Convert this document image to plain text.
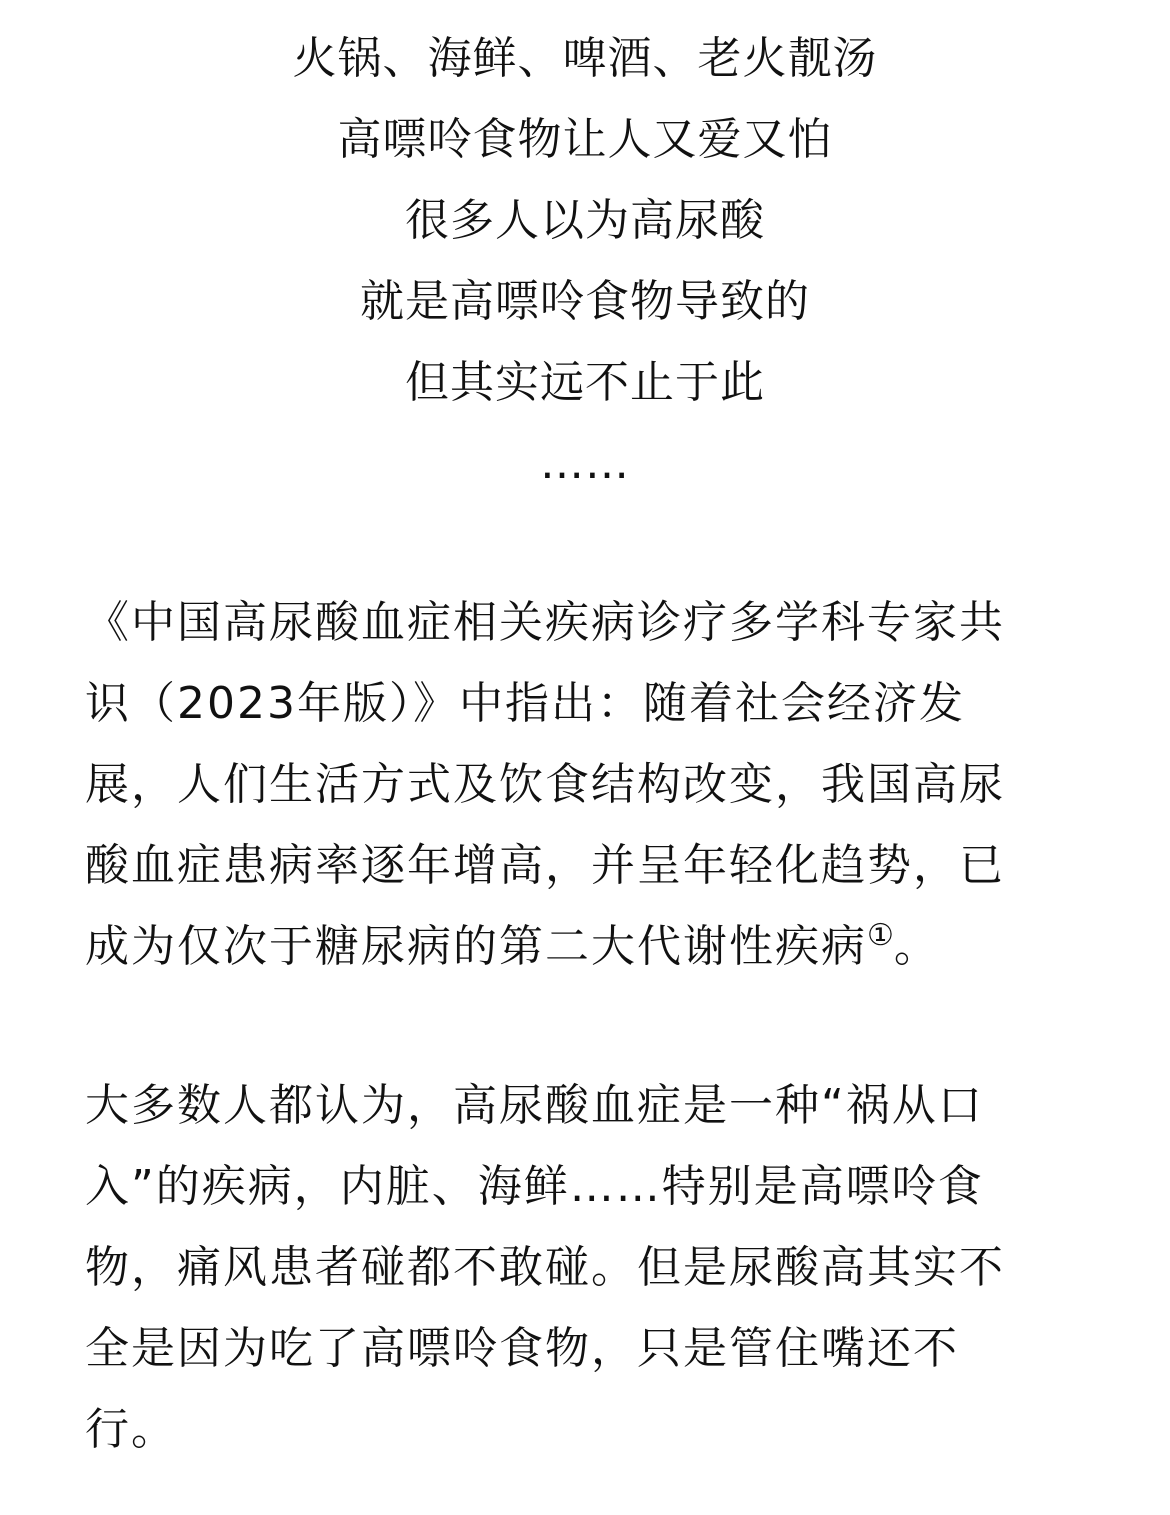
火锅、海鲜、啤酒、老火靓汤
高嘌呤食物让人又爱又怕
很多人以为高尿酸
就是高嘌呤食物导致的
但其实远不止于此
……
《中国高尿酸血症相关疾病诊疗多学科专家共
识（2023年版）》中指出：随着社会经济发
展，人们生活方式及饮食结构改变，我国高尿
酸血症患病率逐年增高，并呈年轻化趋势，已
成为仅次于糖尿病的第二大代谢性疾病①。
大多数人都认为，高尿酸血症是一种“祸从口
入”的疾病，内脏、海鲜……特别是高嘌呤食
物，痛风患者碰都不敢碰。但是尿酸高其实不
全是因为吃了高嘌呤食物，只是管住嘴还不
行。
